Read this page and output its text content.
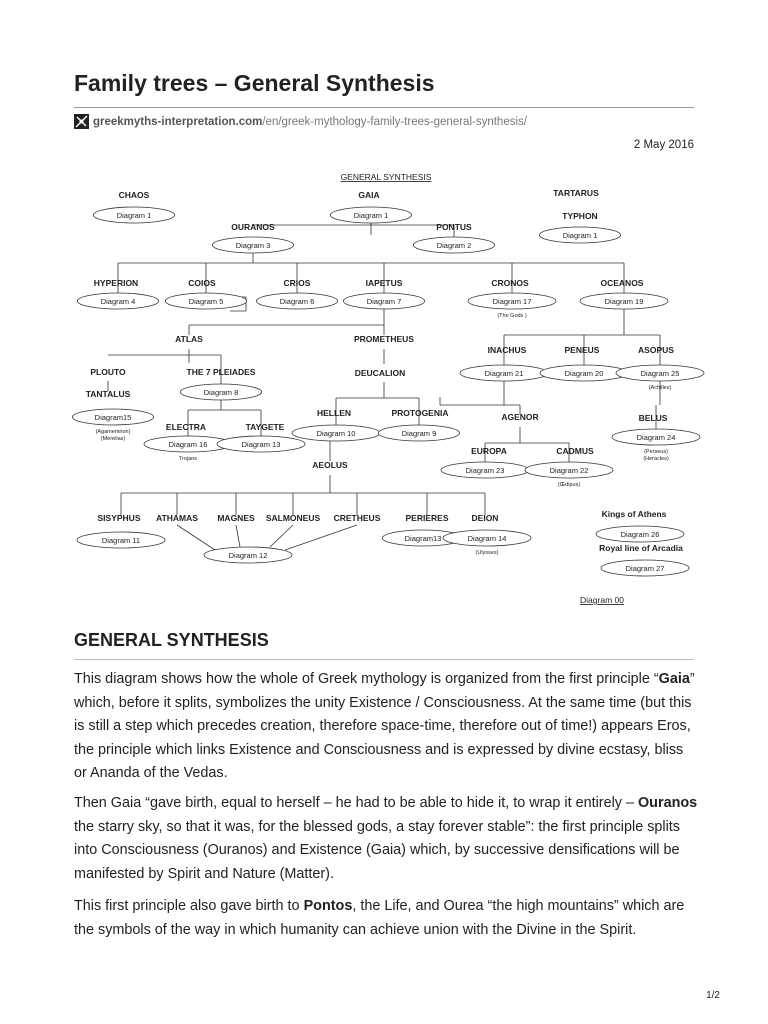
Family trees – General Synthesis
greekmyths-interpretation.com/en/greek-mythology-family-trees-general-synthesis/
2 May 2016
CHAOS
Diagram 1
GAIA
Diagram 1
TARTARUS
TYPHON
Diagram 1
OURANOS
Diagram 3
PONTUS
Diagram 2
HYPERION
Diagram 4
COIOS
Diagram 5
CRIOS
Diagram 6
IAPETUS
Diagram 7
CRONOS
Diagram 17
(The Gods )
OCEANOS
Diagram 19
ATLAS	PROMETHEUS
INACHUS
Diagram 21
PENEUS
Diagram 20
ASOPUS
Diagram 25
(Achilles)
PLOUTO	THE 7 PLEIADES
Diagram 8
DEUCALION
TANTALUS
Diagram15
(Agamemnon)
(Ménélas)
ELECTRA
Diagram 16
Trojans
TAYGETE
Diagram 13
HELLEN
Diagram 10
PROTOGENIA
Diagram 9
AGENOR	BELUS
Diagram 24
(Perseus)
(Heracles)
EUROPA
Diagram 23
CADMUS
Diagram 22
(Œdipus)
AEOLUS
SISYPHUS
Diagram 11
ATHAMAS MAGNES SALMONEUS CRETHEUS	PERIERES
Diagram13
DEION
Diagram 14
(Ulysses)
Diagram 12
Kings of Athens
Diagram 26
Royal line of Arcadia
Diagram 27
GENERAL SYNTHESIS
Diagram 00
GENERAL SYNTHESIS

This diagram shows how the whole of Greek mythology is organized from the first principle “Gaia” which, before it splits, symbolizes the unity Existence / Consciousness. At the same time (but this is still a step which precedes creation, therefore space-time, therefore out of time!) appears Eros, the principle which links Existence and Consciousness and is expressed by divine ecstasy, bliss or Ananda of the Vedas.

Then Gaia “gave birth, equal to herself – he had to be able to hide it, to wrap it entirely – Ouranos the starry sky, so that it was, for the blessed gods, a stay forever stable”: the first principle splits into Consciousness (Ouranos) and Existence (Gaia) which, by successive densifications will be manifested by Spirit and Nature (Matter).

This first principle also gave birth to Pontos, the Life, and Ourea “the high mountains” which are the symbols of the way in which humanity can achieve union with the Divine in the Spirit.

1/2
